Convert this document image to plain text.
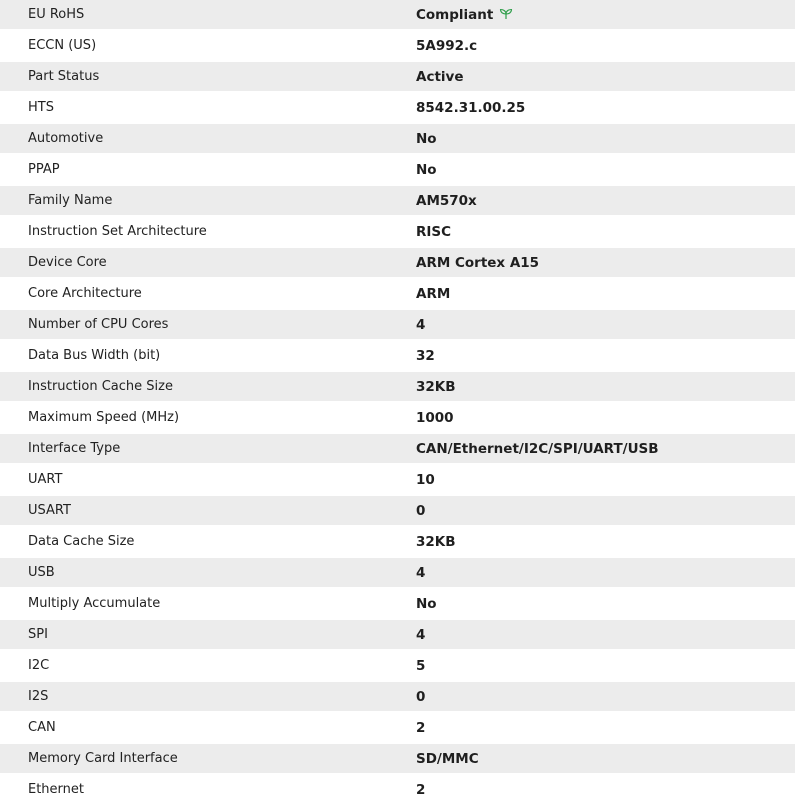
EU RoHS	Compliant
ECCN (US)	5A992.c
Part Status	Active
HTS	8542.31.00.25
Automotive	No
PPAP	No
Family Name	AM570x
Instruction Set Architecture	RISC
Device Core	ARM Cortex A15
Core Architecture	ARM
Number of CPU Cores	4
Data Bus Width (bit)	32
Instruction Cache Size	32KB
Maximum Speed (MHz)	1000
Interface Type	CAN/Ethernet/I2C/SPI/UART/USB
UART	10
USART	0
Data Cache Size	32KB
USB	4
Multiply Accumulate	No
SPI	4
I2C	5
I2S	0
CAN	2
Memory Card Interface	SD/MMC
Ethernet	2
